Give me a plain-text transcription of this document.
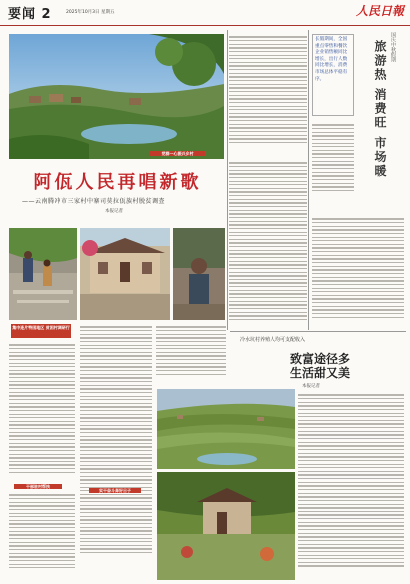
要闻 2	2025年10月3日 星期五	人民日報
党群一心振兴乡村
长假期间，全国重点零售和餐饮企业销售额同比增长，出行人数同比增长，消费市场总体平稳有序。
国庆中秋假期
旅游热 消费旺 市场暖
阿佤人民再唱新歌
——云南腾冲市三家村中寨司莫拉佤族村脱贫调查
本报记者
集中连片特困地区 贫困村调研行
干部驻村帮扶
实干奋斗奔好日子
冷水坑村养殖人均可支配收入
致富途径多
生活甜又美
本报记者
